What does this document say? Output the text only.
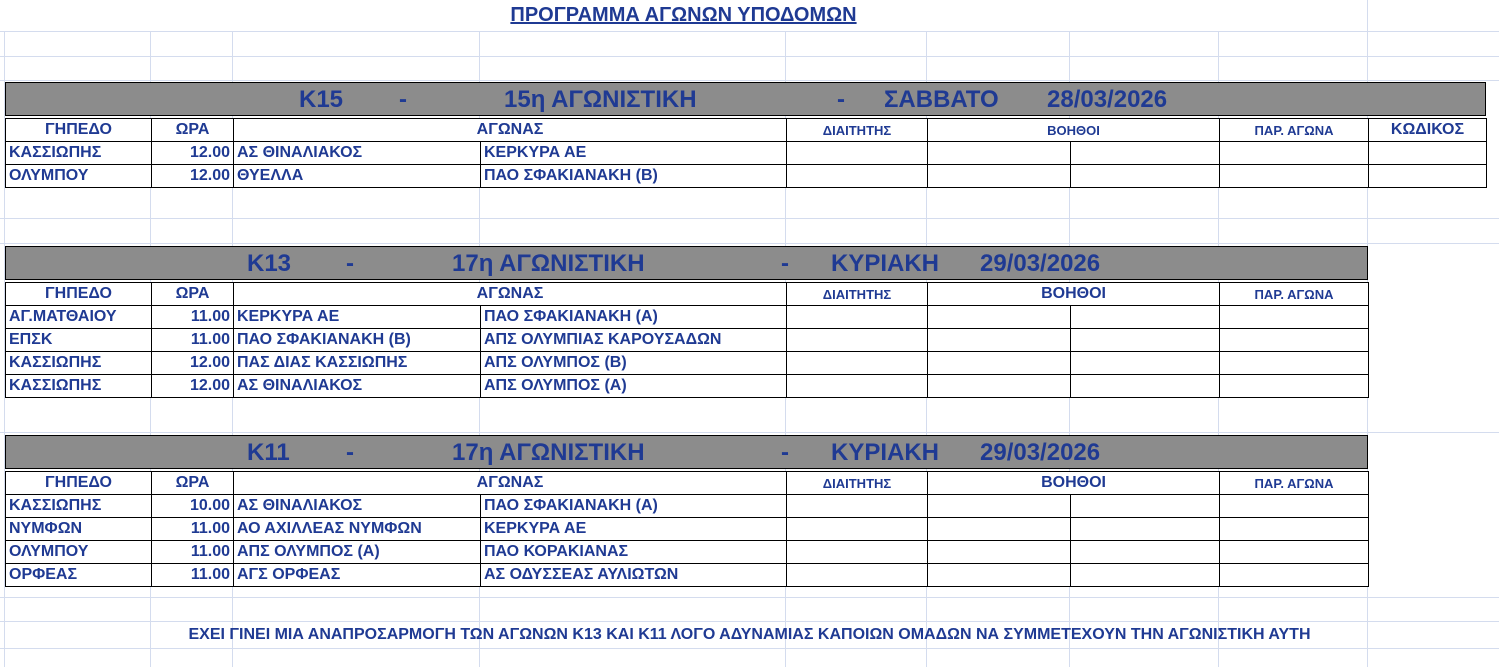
ΠΡΟΓΡΑΜΜΑ ΑΓΩΝΩΝ ΥΠΟΔΟΜΩΝ
Κ15 -	15η ΑΓΩΝΙΣΤΙΚΗ	- ΣΑΒΒΑΤΟ 28/03/2026
ΓΗΠΕΔΟ	ΩΡΑ	ΑΓΩΝΑΣ		ΔΙΑΙΤΗΤΗΣ	ΒΟΗΘΟΙ		ΠΑΡ. ΑΓΩΝΑ	ΚΩΔΙΚΟΣ
ΚΑΣΣΙΩΠΗΣ	12.00	ΑΣ ΘΙΝΑΛΙΑΚΟΣ	ΚΕΡΚΥΡΑ ΑΕ					
ΟΛΥΜΠΟΥ	12.00	ΘΥΕΛΛΑ	ΠΑΟ ΣΦΑΚΙΑΝΑΚΗ (Β)					
Κ13 -	17η ΑΓΩΝΙΣΤΙΚΗ	- ΚΥΡΙΑΚΗ 29/03/2026
ΓΗΠΕΔΟ	ΩΡΑ	ΑΓΩΝΑΣ		ΔΙΑΙΤΗΤΗΣ	ΒΟΗΘΟΙ		ΠΑΡ. ΑΓΩΝΑ
ΑΓ.ΜΑΤΘΑΙΟΥ	11.00	ΚΕΡΚΥΡΑ ΑΕ	ΠΑΟ ΣΦΑΚΙΑΝΑΚΗ (Α)				
ΕΠΣΚ	11.00	ΠΑΟ ΣΦΑΚΙΑΝΑΚΗ (Β)	ΑΠΣ ΟΛΥΜΠΙΑΣ ΚΑΡΟΥΣΑΔΩΝ				
ΚΑΣΣΙΩΠΗΣ	12.00	ΠΑΣ ΔΙΑΣ ΚΑΣΣΙΩΠΗΣ	ΑΠΣ ΟΛΥΜΠΟΣ (Β)				
ΚΑΣΣΙΩΠΗΣ	12.00	ΑΣ ΘΙΝΑΛΙΑΚΟΣ	ΑΠΣ ΟΛΥΜΠΟΣ (Α)				
Κ11 -	17η ΑΓΩΝΙΣΤΙΚΗ	- ΚΥΡΙΑΚΗ 29/03/2026
ΓΗΠΕΔΟ	ΩΡΑ	ΑΓΩΝΑΣ		ΔΙΑΙΤΗΤΗΣ	ΒΟΗΘΟΙ		ΠΑΡ. ΑΓΩΝΑ
ΚΑΣΣΙΩΠΗΣ	10.00	ΑΣ ΘΙΝΑΛΙΑΚΟΣ	ΠΑΟ ΣΦΑΚΙΑΝΑΚΗ (Α)				
ΝΥΜΦΩΝ	11.00	ΑΟ ΑΧΙΛΛΕΑΣ ΝΥΜΦΩΝ	ΚΕΡΚΥΡΑ ΑΕ				
ΟΛΥΜΠΟΥ	11.00	ΑΠΣ ΟΛΥΜΠΟΣ (Α)	ΠΑΟ ΚΟΡΑΚΙΑΝΑΣ				
ΟΡΦΕΑΣ	11.00	ΑΓΣ ΟΡΦΕΑΣ	ΑΣ ΟΔΥΣΣΕΑΣ ΑΥΛΙΩΤΩΝ				
ΕΧΕΙ ΓΙΝΕΙ ΜΙΑ ΑΝΑΠΡΟΣΑΡΜΟΓΗ ΤΩΝ ΑΓΩΝΩΝ Κ13 ΚΑΙ Κ11 ΛΟΓΟ ΑΔΥΝΑΜΙΑΣ ΚΑΠΟΙΩΝ ΟΜΑΔΩΝ ΝΑ ΣΥΜΜΕΤΕΧΟΥΝ ΤΗΝ ΑΓΩΝΙΣΤΙΚΗ ΑΥΤΗ
